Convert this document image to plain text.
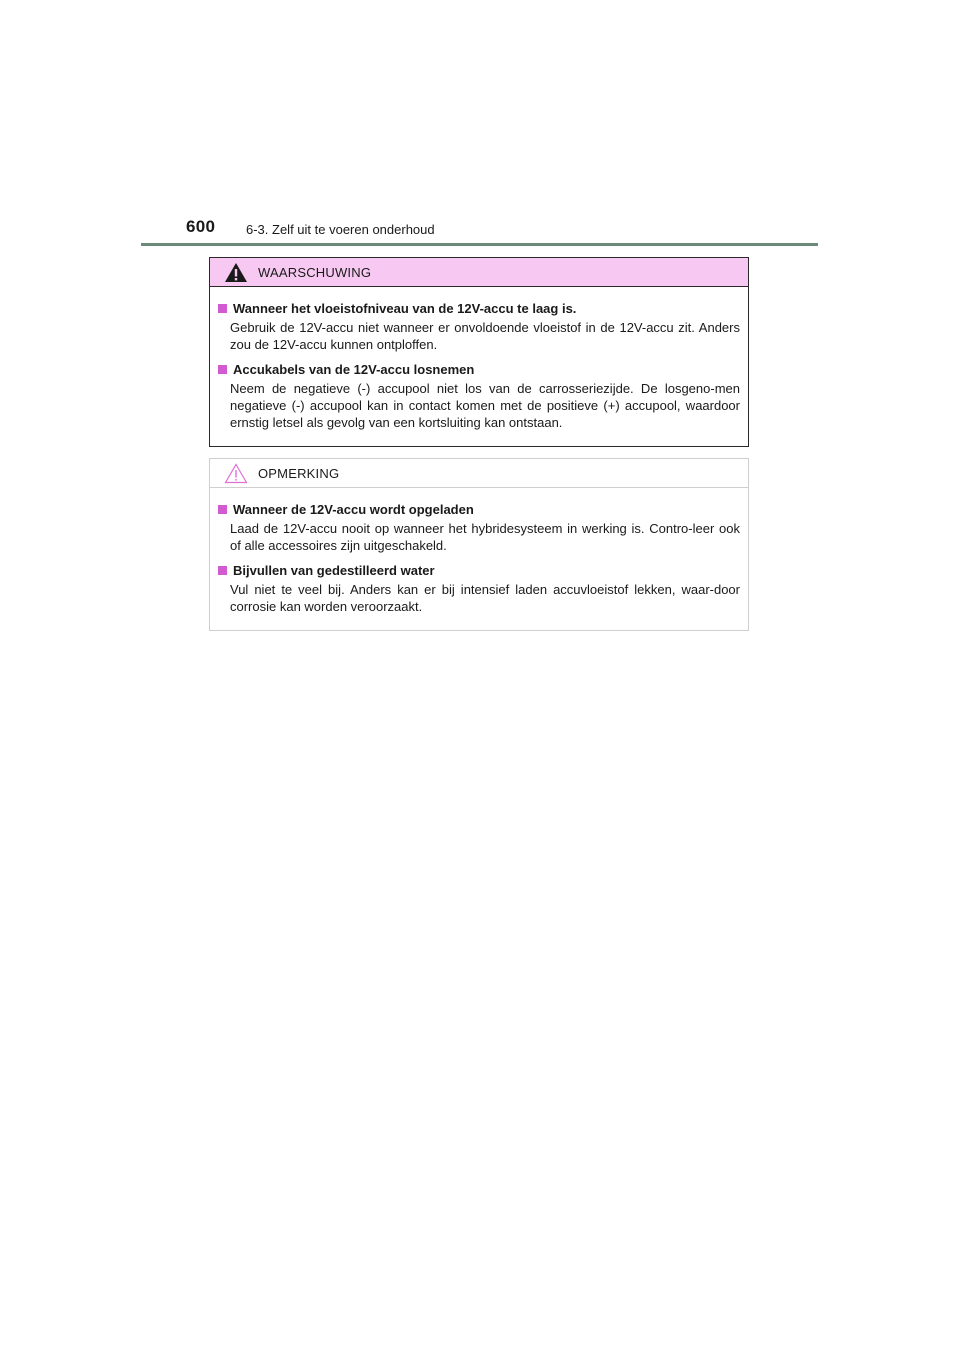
600 6-3. Zelf uit te voeren onderhoud
WAARSCHUWING
Wanneer het vloeistofniveau van de 12V-accu te laag is.
Gebruik de 12V-accu niet wanneer er onvoldoende vloeistof in de 12V-accu zit. Anders zou de 12V-accu kunnen ontploffen.
Accukabels van de 12V-accu losnemen
Neem de negatieve (-) accupool niet los van de carrosseriezijde. De losgeno-men negatieve (-) accupool kan in contact komen met de positieve (+) accupool, waardoor ernstig letsel als gevolg van een kortsluiting kan ontstaan.
OPMERKING
Wanneer de 12V-accu wordt opgeladen
Laad de 12V-accu nooit op wanneer het hybridesysteem in werking is. Contro-leer ook of alle accessoires zijn uitgeschakeld.
Bijvullen van gedestilleerd water
Vul niet te veel bij. Anders kan er bij intensief laden accuvloeistof lekken, waar-door corrosie kan worden veroorzaakt.
